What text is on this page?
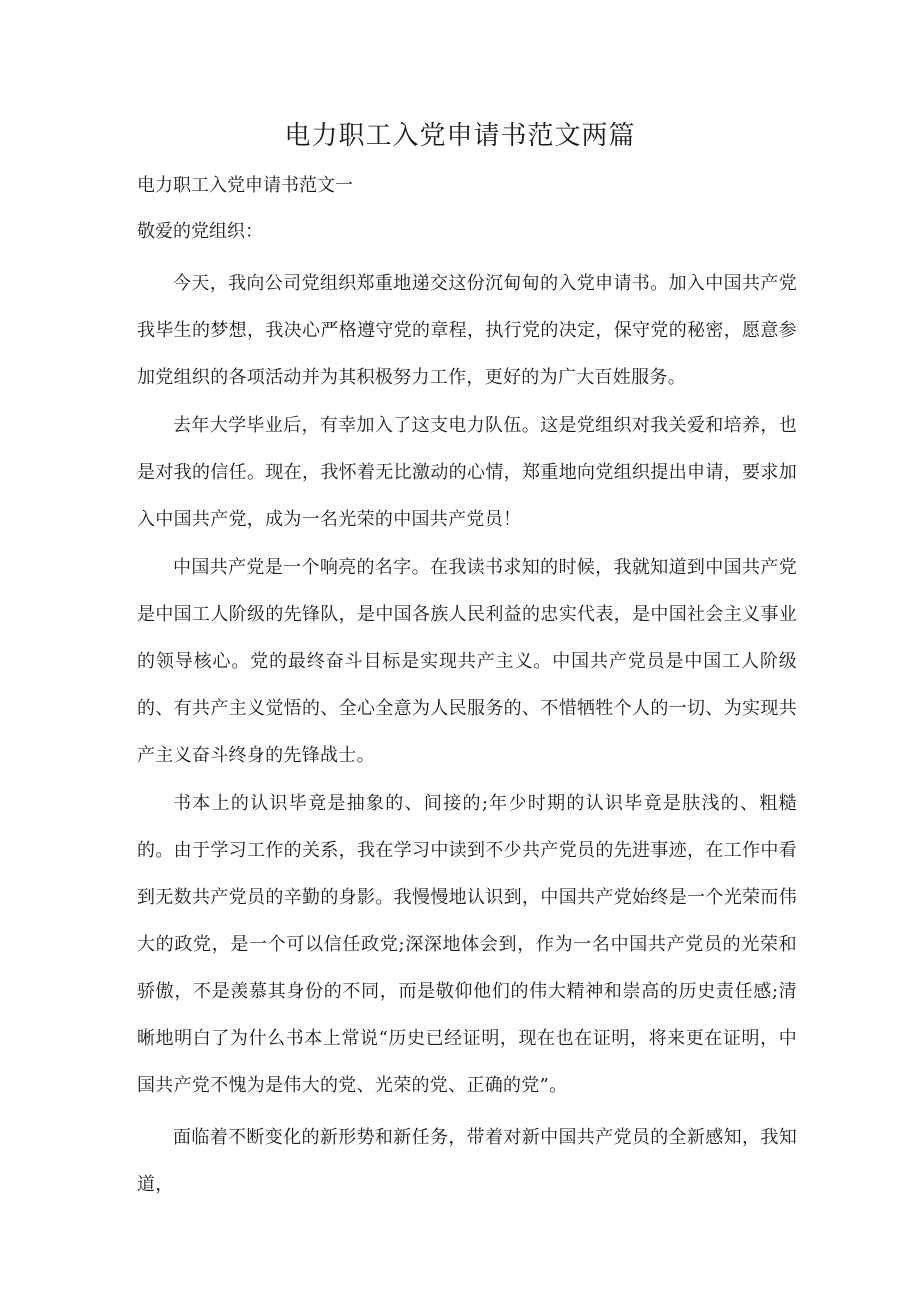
电力职工入党申请书范文两篇

电力职工入党申请书范文一

敬爱的党组织：

今天，我向公司党组织郑重地递交这份沉甸甸的入党申请书。加入中国共产党我毕生的梦想，我决心严格遵守党的章程，执行党的决定，保守党的秘密，愿意参加党组织的各项活动并为其积极努力工作，更好的为广大百姓服务。

去年大学毕业后，有幸加入了这支电力队伍。这是党组织对我关爱和培养，也是对我的信任。现在，我怀着无比激动的心情，郑重地向党组织提出申请，要求加入中国共产党，成为一名光荣的中国共产党员！

中国共产党是一个响亮的名字。在我读书求知的时候，我就知道到中国共产党是中国工人阶级的先锋队，是中国各族人民利益的忠实代表，是中国社会主义事业的领导核心。党的最终奋斗目标是实现共产主义。中国共产党员是中国工人阶级的、有共产主义觉悟的、全心全意为人民服务的、不惜牺牲个人的一切、为实现共产主义奋斗终身的先锋战士。

书本上的认识毕竟是抽象的、间接的;年少时期的认识毕竟是肤浅的、粗糙的。由于学习工作的关系，我在学习中读到不少共产党员的先进事迹，在工作中看到无数共产党员的辛勤的身影。我慢慢地认识到，中国共产党始终是一个光荣而伟大的政党，是一个可以信任政党;深深地体会到，作为一名中国共产党员的光荣和骄傲，不是羡慕其身份的不同，而是敬仰他们的伟大精神和崇高的历史责任感;清晰地明白了为什么书本上常说“历史已经证明，现在也在证明，将来更在证明，中国共产党不愧为是伟大的党、光荣的党、正确的党”。

面临着不断变化的新形势和新任务，带着对新中国共产党员的全新感知，我知道，
